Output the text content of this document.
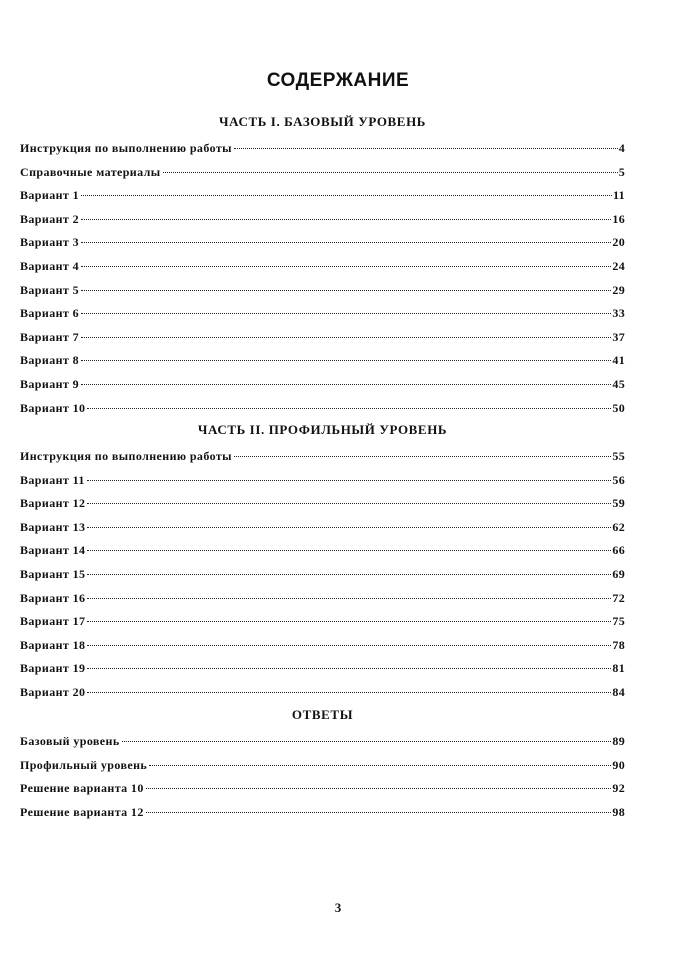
СОДЕРЖАНИЕ
ЧАСТЬ I. БАЗОВЫЙ УРОВЕНЬ
Инструкция по выполнению работы	4
Справочные материалы	5
Вариант 1	11
Вариант 2	16
Вариант 3	20
Вариант 4	24
Вариант 5	29
Вариант 6	33
Вариант 7	37
Вариант 8	41
Вариант 9	45
Вариант 10	50
ЧАСТЬ II. ПРОФИЛЬНЫЙ УРОВЕНЬ
Инструкция по выполнению работы	55
Вариант 11	56
Вариант 12	59
Вариант 13	62
Вариант 14	66
Вариант 15	69
Вариант 16	72
Вариант 17	75
Вариант 18	78
Вариант 19	81
Вариант 20	84
ОТВЕТЫ
Базовый уровень	89
Профильный уровень	90
Решение варианта 10	92
Решение варианта 12	98
3
